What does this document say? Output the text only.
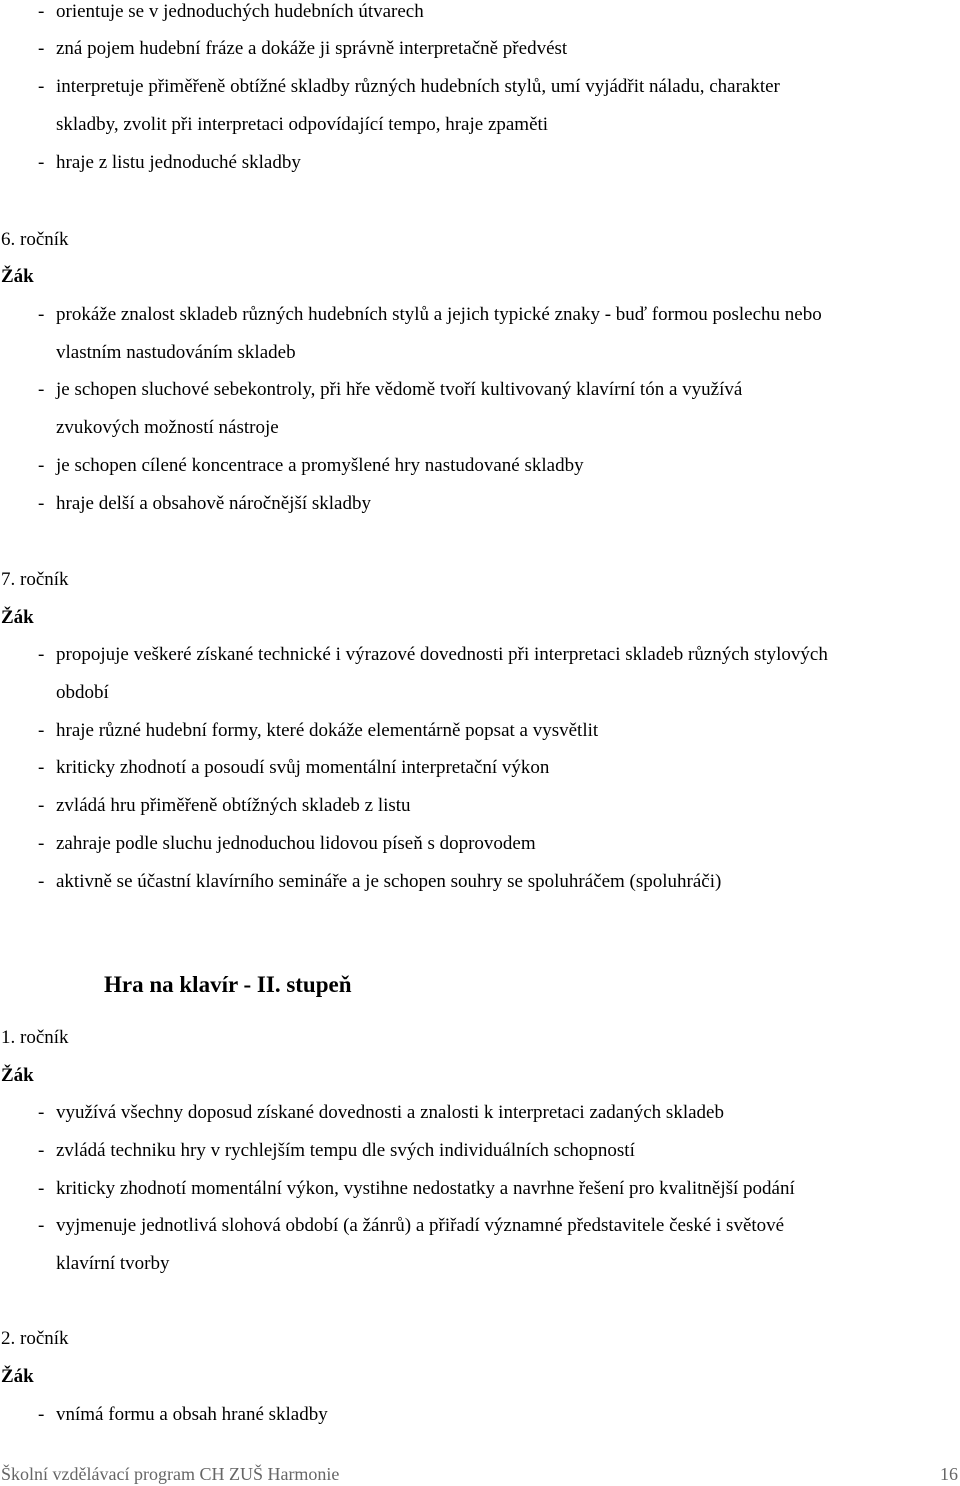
- orientuje se v jednoduchých hudebních útvarech
- zná pojem hudební fráze a dokáže ji správně interpretačně předvést
- interpretuje přiměřeně obtížné skladby různých hudebních stylů, umí vyjádřit náladu, charakter
skladby, zvolit při interpretaci odpovídající tempo, hraje zpaměti
- hraje z listu jednoduché skladby
6. ročník
Žák
- prokáže znalost skladeb různých hudebních stylů a jejich typické znaky - buď formou poslechu nebo
vlastním nastudováním skladeb
- je schopen sluchové sebekontroly, při hře vědomě tvoří kultivovaný klavírní tón a využívá
zvukových možností nástroje
- je schopen cílené koncentrace a promyšlené hry nastudované skladby
- hraje delší a obsahově náročnější skladby
7. ročník
Žák
- propojuje veškeré získané technické i výrazové dovednosti při interpretaci skladeb různých stylových
období
- hraje různé hudební formy, které dokáže elementárně popsat a vysvětlit
- kriticky zhodnotí a posoudí svůj momentální interpretační výkon
- zvládá hru přiměřeně obtížných skladeb z listu
- zahraje podle sluchu jednoduchou lidovou píseň s doprovodem
- aktivně se účastní klavírního semináře a je schopen souhry se spoluhráčem (spoluhráči)
Hra na klavír - II. stupeň
1. ročník
Žák
- využívá všechny doposud získané dovednosti a znalosti k interpretaci zadaných skladeb
- zvládá techniku hry v rychlejším tempu dle svých individuálních schopností
- kriticky zhodnotí momentální výkon, vystihne nedostatky a navrhne řešení pro kvalitnější podání
- vyjmenuje jednotlivá slohová období (a žánrů) a přiřadí významné představitele české i světové
klavírní tvorby
2. ročník
Žák
- vnímá formu a obsah hrané skladby
Školní vzdělávací program CH ZUŠ Harmonie	16
